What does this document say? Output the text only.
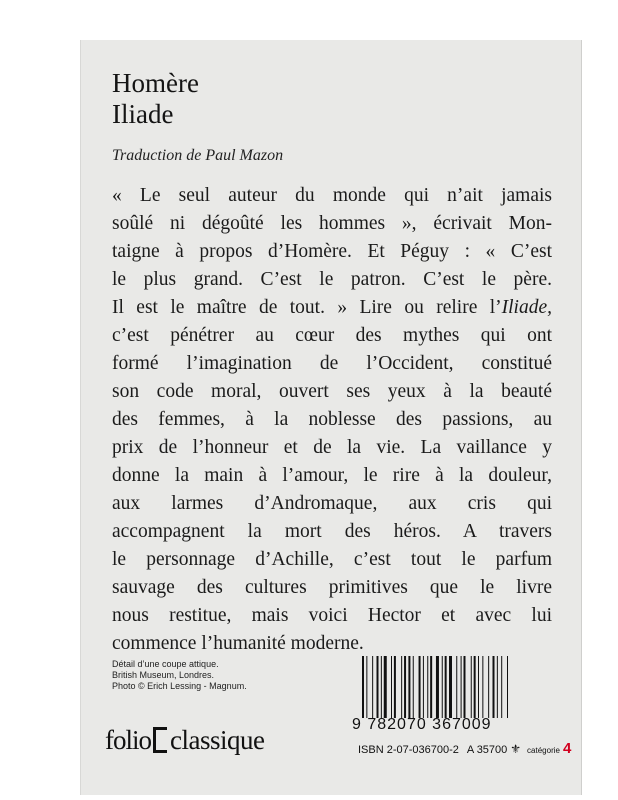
Homère
Iliade
Traduction de Paul Mazon
« Le seul auteur du monde qui n’ait jamais
soûlé ni dégoûté les hommes », écrivait Mon-
taigne à propos d’Homère. Et Péguy : « C’est
le plus grand. C’est le patron. C’est le père.
Il est le maître de tout. » Lire ou relire l’Iliade,
c’est pénétrer au cœur des mythes qui ont
formé l’imagination de l’Occident, constitué
son code moral, ouvert ses yeux à la beauté
des femmes, à la noblesse des passions, au
prix de l’honneur et de la vie. La vaillance y
donne la main à l’amour, le rire à la douleur,
aux larmes d’Andromaque, aux cris qui
accompagnent la mort des héros. A travers
le personnage d’Achille, c’est tout le parfum
sauvage des cultures primitives que le livre
nous restitue, mais voici Hector et avec lui
commence l’humanité moderne.
Détail d’une coupe attique.
British Museum, Londres.
Photo © Erich Lessing - Magnum.
folio classique	9 782070 367009
ISBN 2-07-036700-2 A 35700 ⚜ catégorie 4
